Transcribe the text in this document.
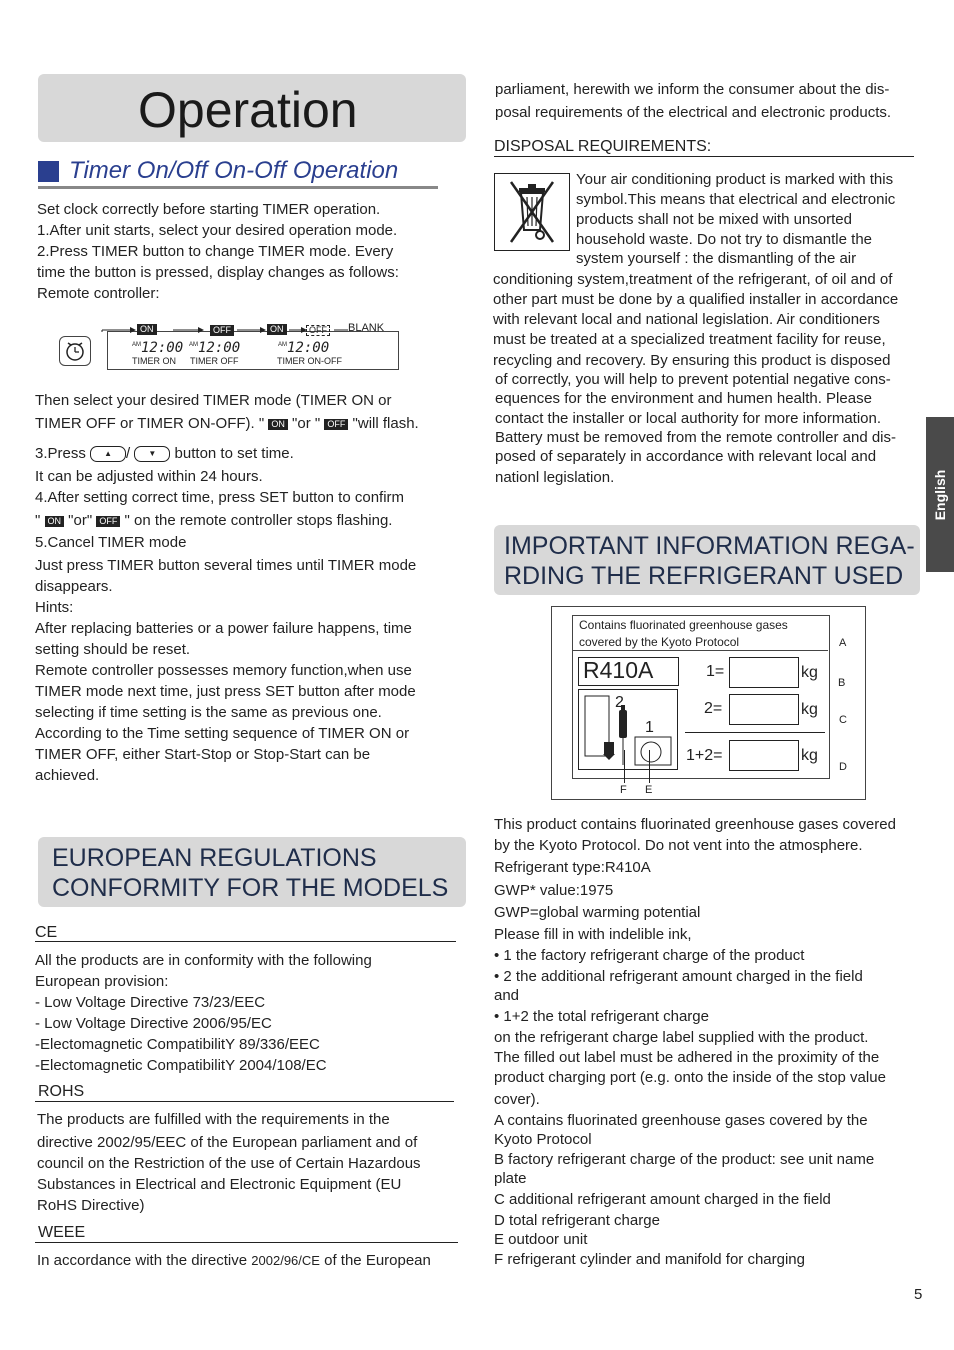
English
5
Operation
Timer On/Off On-Off Operation
Set clock correctly before starting TIMER operation.
1.After unit starts, select your desired operation mode.
2.Press TIMER button to change TIMER mode. Every
time the button is pressed, display changes as follows:
Remote controller:
ON	OFF	ON	OFF BLANK
AM 12:00 AM 12:00	AM 12:00
TIMER ON TIMER OFF	TIMER ON-OFF
Then select your desired TIMER mode (TIMER ON or
TIMER OFF or TIMER ON-OFF). " ON "or " OFF "will flash.
3.Press ▲ / ▼ button to set time.
It can be adjusted within 24 hours.
4.After setting correct time, press SET button to confirm
" ON "or" OFF " on the remote controller stops flashing.
5.Cancel TIMER mode
Just press TIMER button several times until TIMER mode
disappears.
Hints:
After replacing batteries or a power failure happens, time
setting should be reset.
Remote controller possesses memory function,when use
TIMER mode next time, just press SET button after mode
selecting if time setting is the same as previous one.
According to the Time setting sequence of TIMER ON or
TIMER OFF, either Start-Stop or Stop-Start can be
achieved.
EUROPEAN REGULATIONS
CONFORMITY FOR THE MODELS
CE
All the products are in conformity with the following
European provision:
- Low Voltage Directive 73/23/EEC
- Low Voltage Directive 2006/95/EC
-Electomagnetic CompatibilitY 89/336/EEC
-Electomagnetic CompatibilitY 2004/108/EC
ROHS
The products are fulfilled with the requirements in the
directive 2002/95/EEC of the European parliament and of
council on the Restriction of the use of Certain Hazardous
Substances in Electrical and Electronic Equipment (EU
RoHS Directive)
WEEE
In accordance with the directive 2002/96/CE of the European
parliament, herewith we inform the consumer about the dis-
posal requirements of the electrical and electronic products.
DISPOSAL REQUIREMENTS:
Your air conditioning product is marked with this
symbol.This means that electrical and electronic
products shall not be mixed with unsorted
household waste. Do not try to dismantle the
system yourself : the dismantling of the air
conditioning system,treatment of the refrigerant, of oil and of
other part must be done by a qualified installer in accordance
with relevant local and national legislation. Air conditioners
must be treated at a specialized treatment facility for reuse,
recycling and recovery. By ensuring this product is disposed
of correctly, you will help to prevent potential negative cons-
equences for the environment and humen health. Please
contact the installer or local authority for more information.
Battery must be removed from the remote controller and dis-
posed of separately in accordance with relevant local and
nationl legislation.
IMPORTANT INFORMATION REGA-
RDING THE REFRIGERANT USED
Contains fluorinated greenhouse gases
covered by the Kyoto Protocol
R410A
2
1
1=	kg
2=	kg
1+2=	kg
A
B
C
D
F E
This product contains fluorinated greenhouse gases covered
by the Kyoto Protocol. Do not vent into the atmosphere.
Refrigerant type:R410A
GWP* value:1975
GWP=global warming potential
Please fill in with indelible ink,
• 1 the factory refrigerant charge of the product
• 2 the additional refrigerant amount charged in the field
and
• 1+2 the total refrigerant charge
on the refrigerant charge label supplied with the product.
The filled out label must be adhered in the proximity of the
product charging port (e.g. onto the inside of the stop value
cover).
A contains fluorinated greenhouse gases covered by the
Kyoto Protocol
B factory refrigerant charge of the product: see unit name
plate
C additional refrigerant amount charged in the field
D total refrigerant charge
E outdoor unit
F refrigerant cylinder and manifold for charging
